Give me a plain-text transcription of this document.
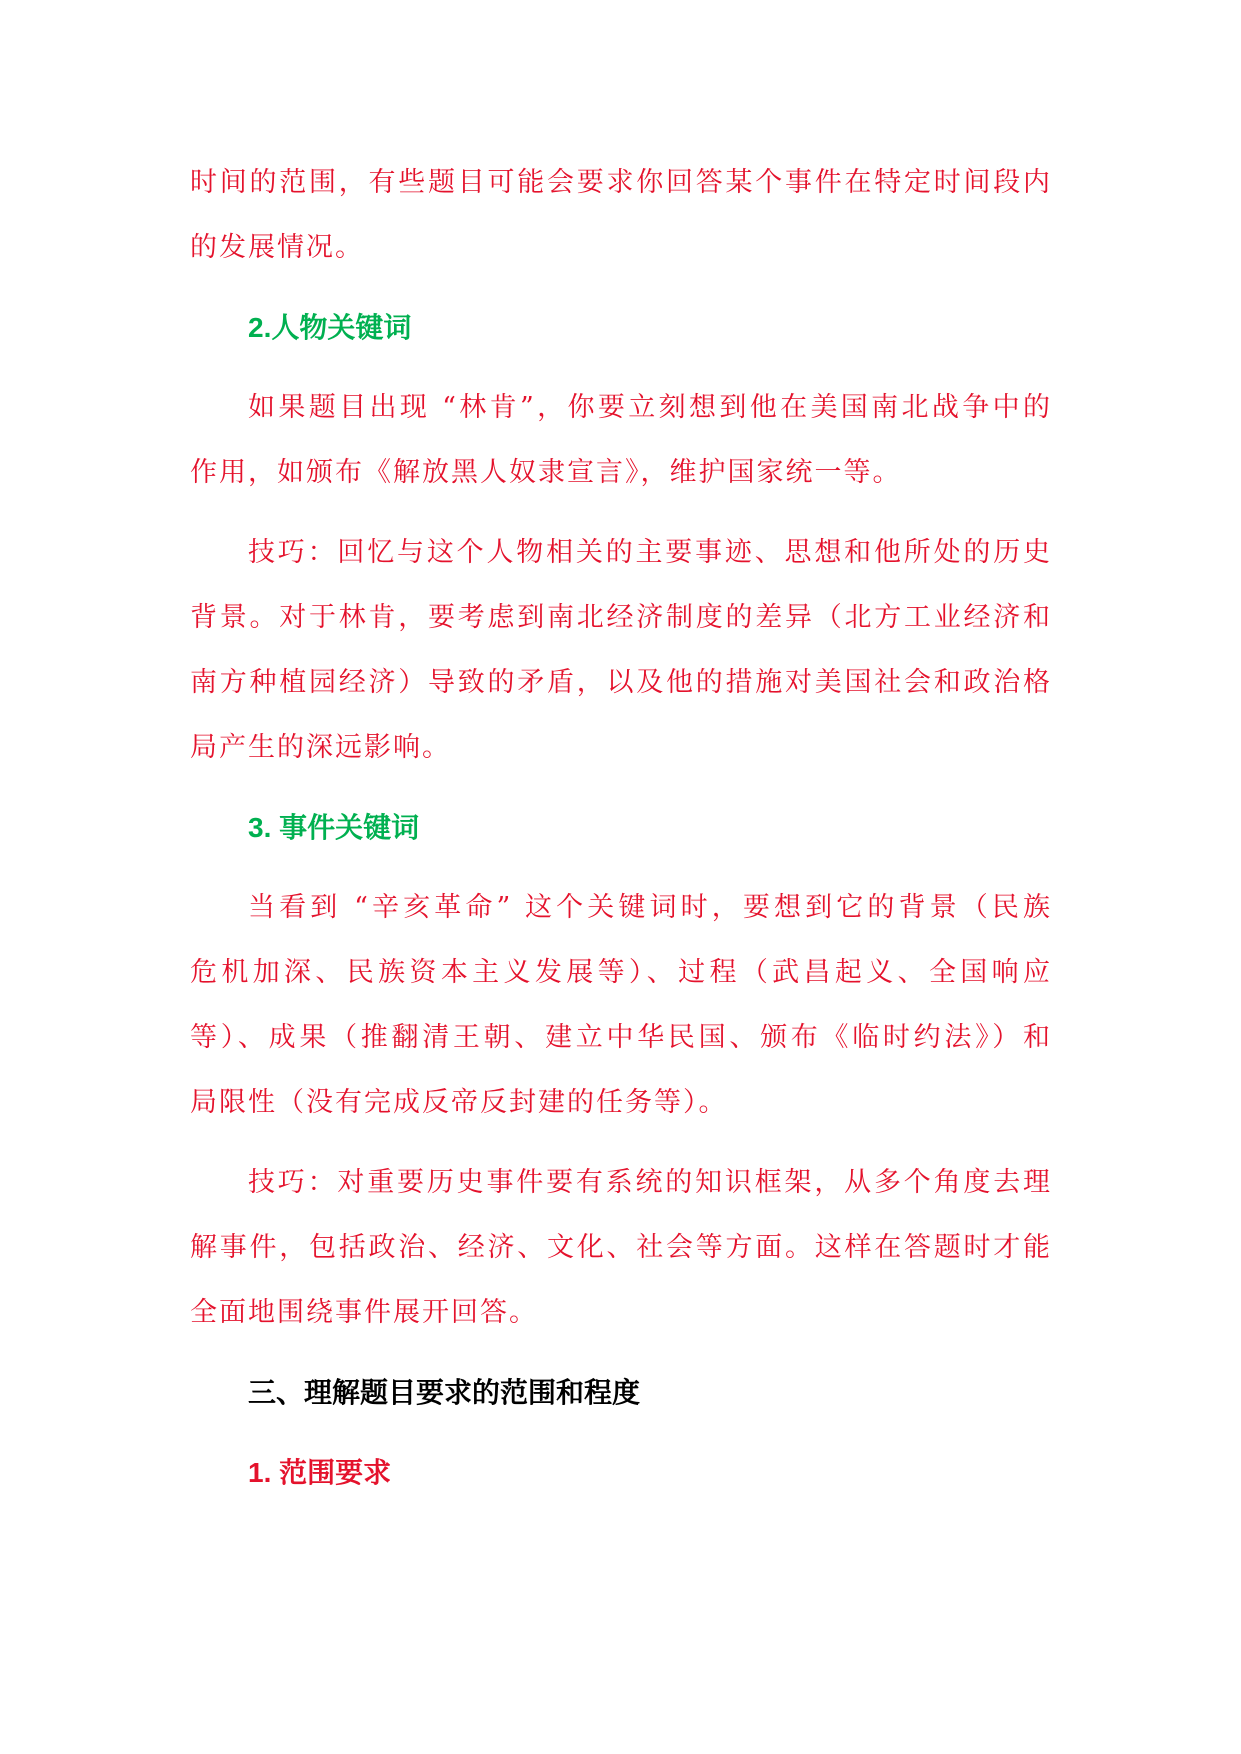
时间的范围，有些题目可能会要求你回答某个事件在特定时间段内
的发展情况。
2.人物关键词
如果题目出现 “林肯”，你要立刻想到他在美国南北战争中的
作用，如颁布《解放黑人奴隶宣言》，维护国家统一等。
技巧：回忆与这个人物相关的主要事迹、思想和他所处的历史
背景。对于林肯，要考虑到南北经济制度的差异（北方工业经济和
南方种植园经济）导致的矛盾，以及他的措施对美国社会和政治格
局产生的深远影响。
3. 事件关键词
当看到 “辛亥革命” 这个关键词时，要想到它的背景（民族
危机加深、民族资本主义发展等）、过程（武昌起义、全国响应
等）、成果（推翻清王朝、建立中华民国、颁布《临时约法》）和
局限性（没有完成反帝反封建的任务等）。
技巧：对重要历史事件要有系统的知识框架，从多个角度去理
解事件，包括政治、经济、文化、社会等方面。这样在答题时才能
全面地围绕事件展开回答。
三、理解题目要求的范围和程度
1. 范围要求
